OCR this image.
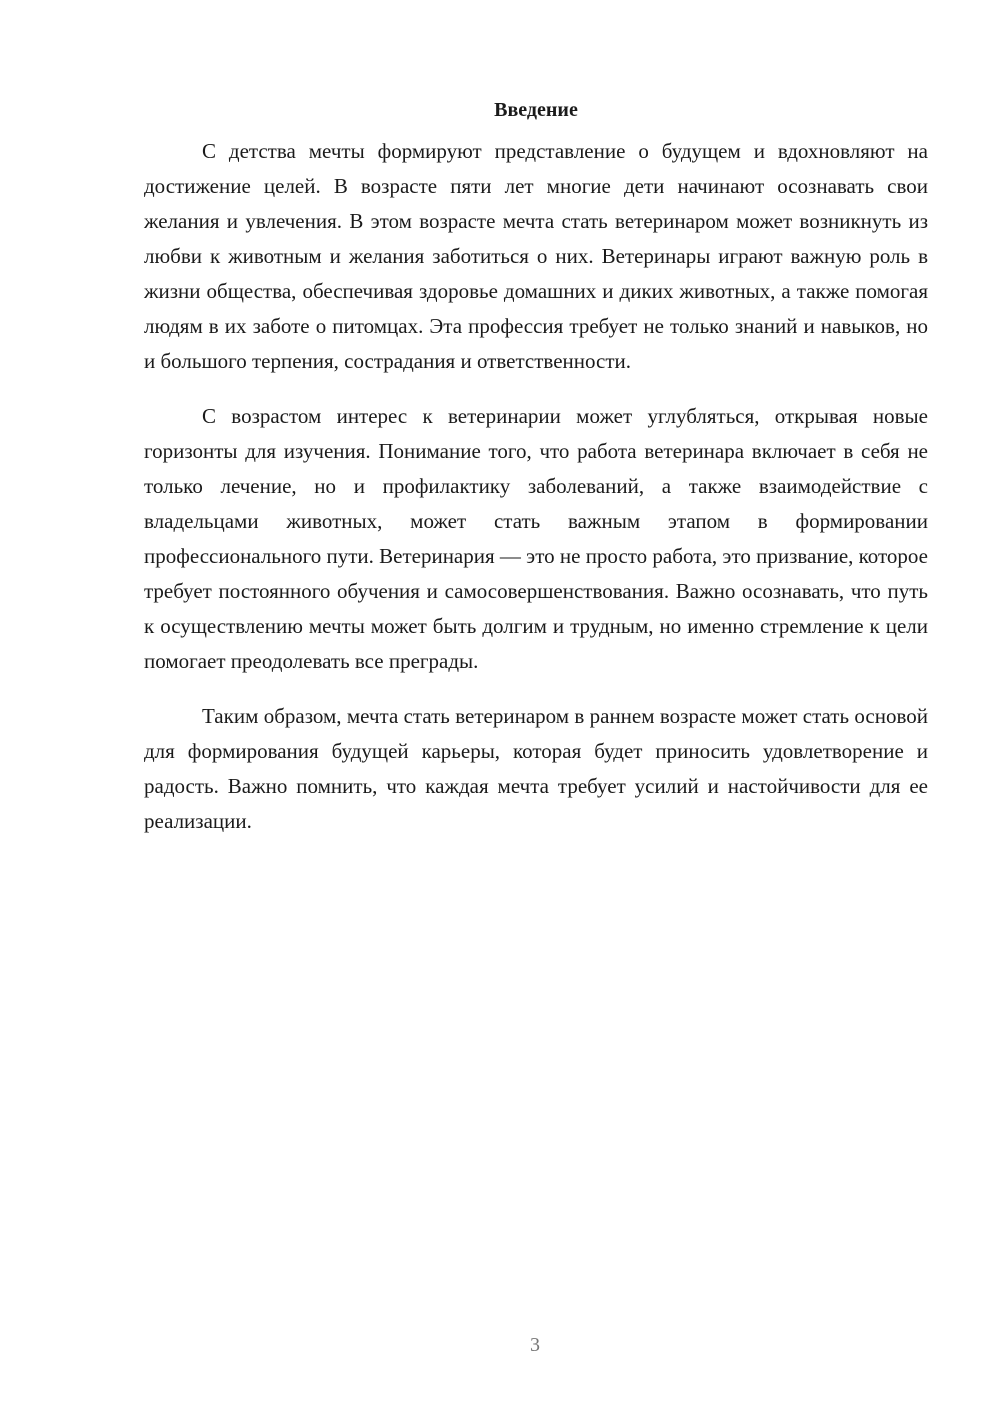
Введение

С детства мечты формируют представление о будущем и вдохновляют на достижение целей. В возрасте пяти лет многие дети начинают осознавать свои желания и увлечения. В этом возрасте мечта стать ветеринаром может возникнуть из любви к животным и желания заботиться о них. Ветеринары играют важную роль в жизни общества, обеспечивая здоровье домашних и диких животных, а также помогая людям в их заботе о питомцах. Эта профессия требует не только знаний и навыков, но и большого терпения, сострадания и ответственности.

С возрастом интерес к ветеринарии может углубляться, открывая новые горизонты для изучения. Понимание того, что работа ветеринара включает в себя не только лечение, но и профилактику заболеваний, а также взаимодействие с владельцами животных, может стать важным этапом в формировании профессионального пути. Ветеринария — это не просто работа, это призвание, которое требует постоянного обучения и самосовершенствования. Важно осознавать, что путь к осуществлению мечты может быть долгим и трудным, но именно стремление к цели помогает преодолевать все преграды.

Таким образом, мечта стать ветеринаром в раннем возрасте может стать основой для формирования будущей карьеры, которая будет приносить удовлетворение и радость. Важно помнить, что каждая мечта требует усилий и настойчивости для ее реализации.

3
